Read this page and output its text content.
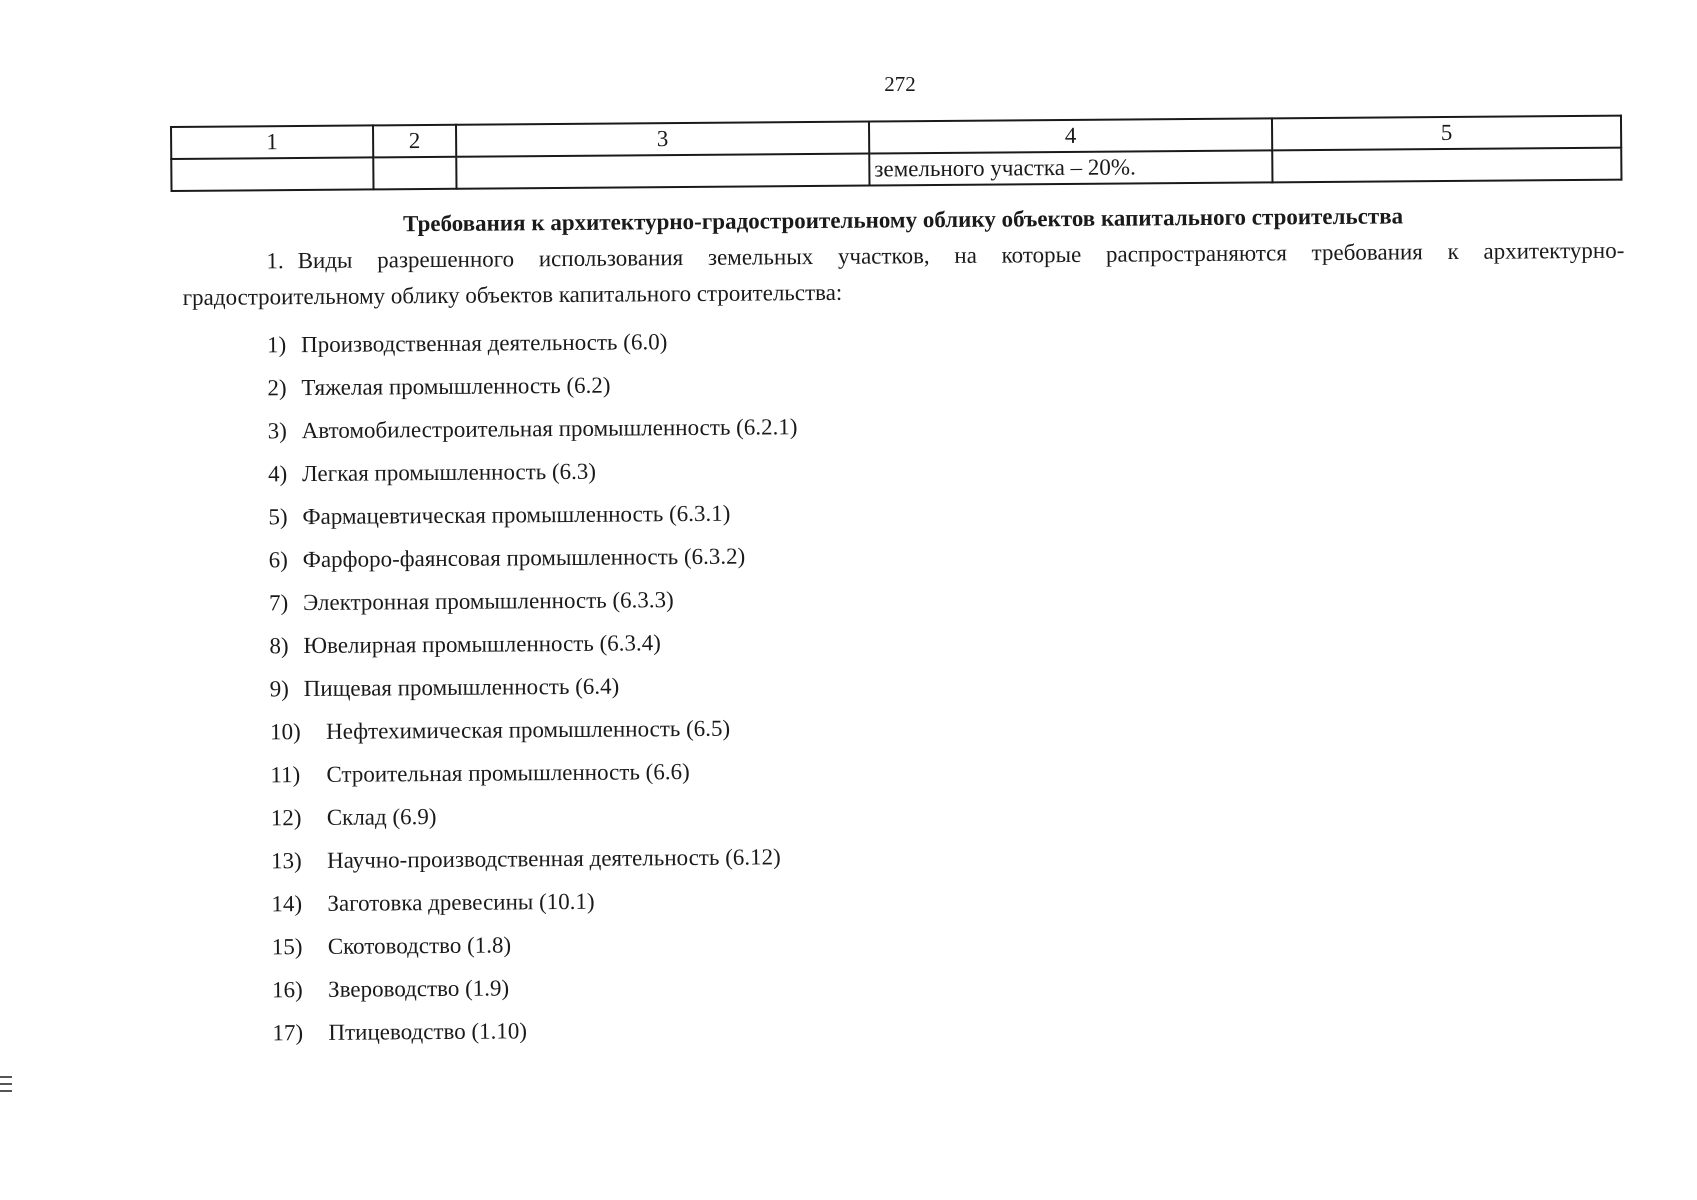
272
1	2	3	4	5
			земельного участка – 20%.	
Требования к архитектурно-градостроительному облику объектов капитального строительства

1. Виды разрешенного использования земельных участков, на которые распространяются требования к архитектурно-градостроительному облику объектов капитального строительства:

1) Производственная деятельность (6.0)
2) Тяжелая промышленность (6.2)
3) Автомобилестроительная промышленность (6.2.1)
4) Легкая промышленность (6.3)
5) Фармацевтическая промышленность (6.3.1)
6) Фарфоро-фаянсовая промышленность (6.3.2)
7) Электронная промышленность (6.3.3)
8) Ювелирная промышленность (6.3.4)
9) Пищевая промышленность (6.4)
10)	Нефтехимическая промышленность (6.5)
11)	Строительная промышленность (6.6)
12)	Склад (6.9)
13)	Научно-производственная деятельность (6.12)
14)	Заготовка древесины (10.1)
15)	Скотоводство (1.8)
16)	Звероводство (1.9)
17)	Птицеводство (1.10)
